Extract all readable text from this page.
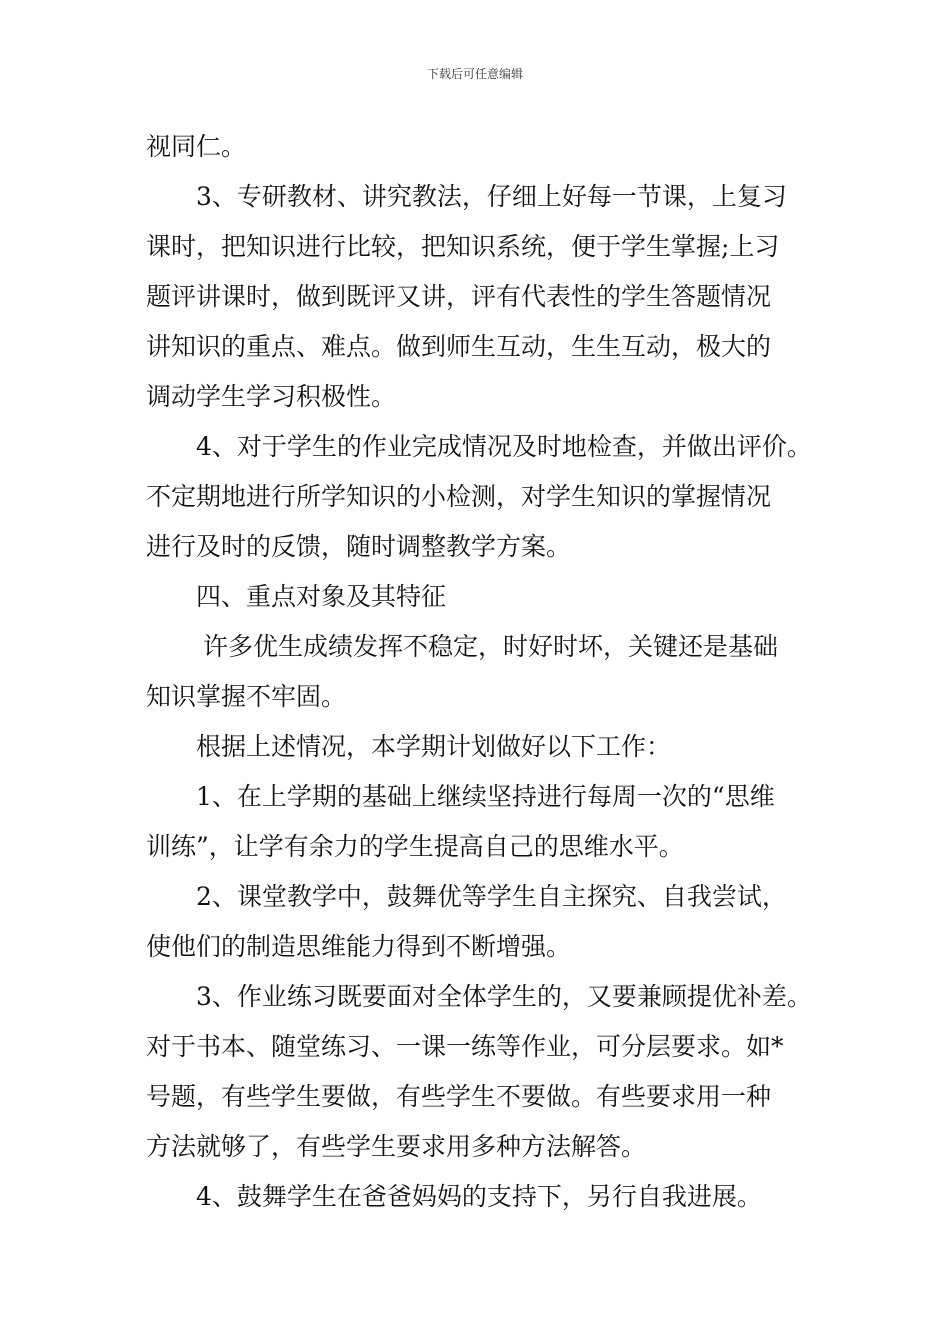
下载后可任意编辑
视同仁。
3、专研教材、讲究教法，仔细上好每一节课，上复习
课时，把知识进行比较，把知识系统，便于学生掌握;上习
题评讲课时，做到既评又讲，评有代表性的学生答题情况
讲知识的重点、难点。做到师生互动，生生互动，极大的
调动学生学习积极性。
4、对于学生的作业完成情况及时地检查，并做出评价。
不定期地进行所学知识的小检测，对学生知识的掌握情况
进行及时的反馈，随时调整教学方案。
四、重点对象及其特征
许多优生成绩发挥不稳定，时好时坏，关键还是基础
知识掌握不牢固。
根据上述情况，本学期计划做好以下工作：
1、在上学期的基础上继续坚持进行每周一次的“思维
训练”，让学有余力的学生提高自己的思维水平。
2、课堂教学中，鼓舞优等学生自主探究、自我尝试，
使他们的制造思维能力得到不断增强。
3、作业练习既要面对全体学生的，又要兼顾提优补差。
对于书本、随堂练习、一课一练等作业，可分层要求。如*
号题，有些学生要做，有些学生不要做。有些要求用一种
方法就够了，有些学生要求用多种方法解答。
4、鼓舞学生在爸爸妈妈的支持下，另行自我进展。
